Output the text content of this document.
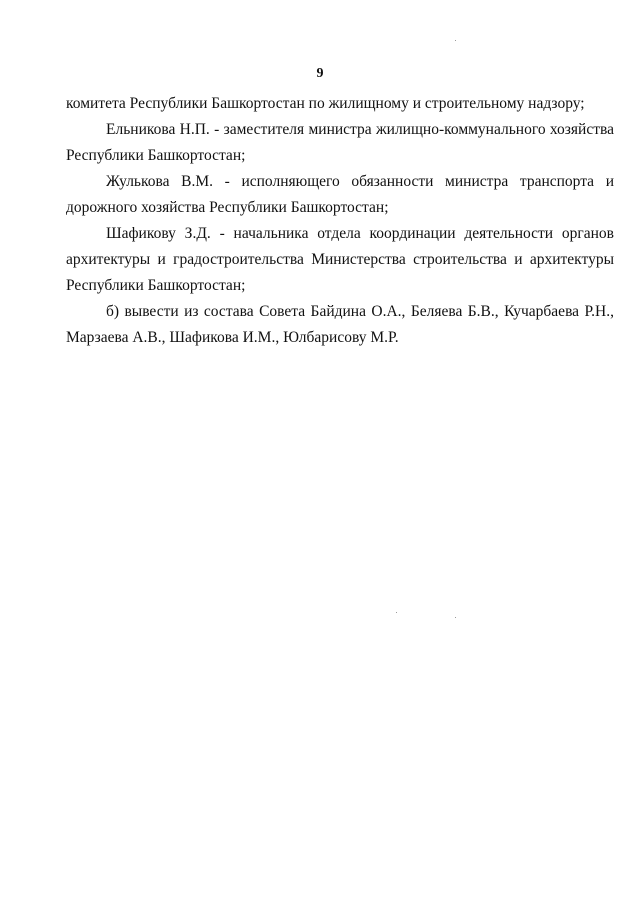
9

комитета Республики Башкортостан по жилищному и строительному надзору;

Ельникова Н.П. - заместителя министра жилищно-коммунального хозяйства Республики Башкортостан;

Жулькова В.М. - исполняющего обязанности министра транспорта и дорожного хозяйства Республики Башкортостан;

Шафикову З.Д. - начальника отдела координации деятельности органов архитектуры и градостроительства Министерства строительства и архитектуры Республики Башкортостан;

б) вывести из состава Совета Байдина О.А., Беляева Б.В., Кучарбаева Р.Н., Марзаева А.В., Шафикова И.М., Юлбарисову М.Р.
